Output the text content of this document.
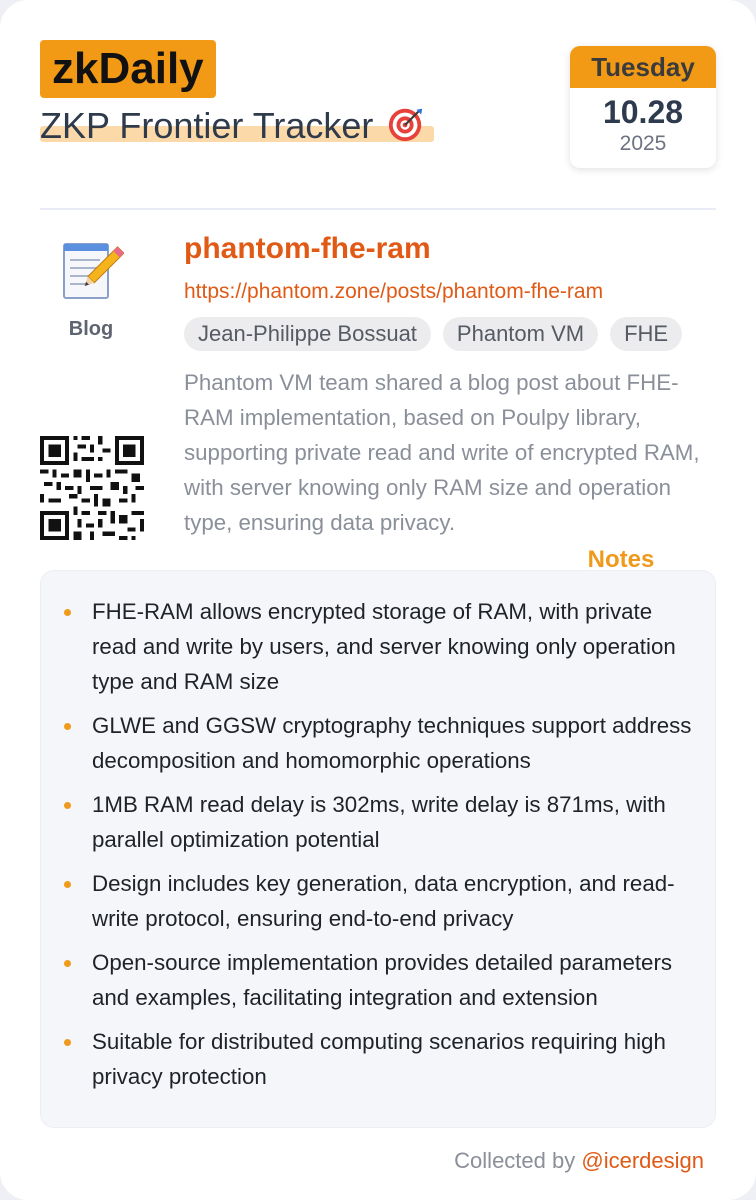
zkDaily
ZKP Frontier Tracker
Tuesday
10.28
2025
Blog
phantom-fhe-ram
https://phantom.zone/posts/phantom-fhe-ram
Jean-Philippe Bossuat	Phantom VM	FHE
Phantom VM team shared a blog post about FHE-RAM implementation, based on Poulpy library, supporting private read and write of encrypted RAM, with server knowing only RAM size and operation type, ensuring data privacy.
Notes
FHE-RAM allows encrypted storage of RAM, with private read and write by users, and server knowing only operation type and RAM size
GLWE and GGSW cryptography techniques support address decomposition and homomorphic operations
1MB RAM read delay is 302ms, write delay is 871ms, with parallel optimization potential
Design includes key generation, data encryption, and read-write protocol, ensuring end-to-end privacy
Open-source implementation provides detailed parameters and examples, facilitating integration and extension
Suitable for distributed computing scenarios requiring high privacy protection
Collected by @icerdesign
